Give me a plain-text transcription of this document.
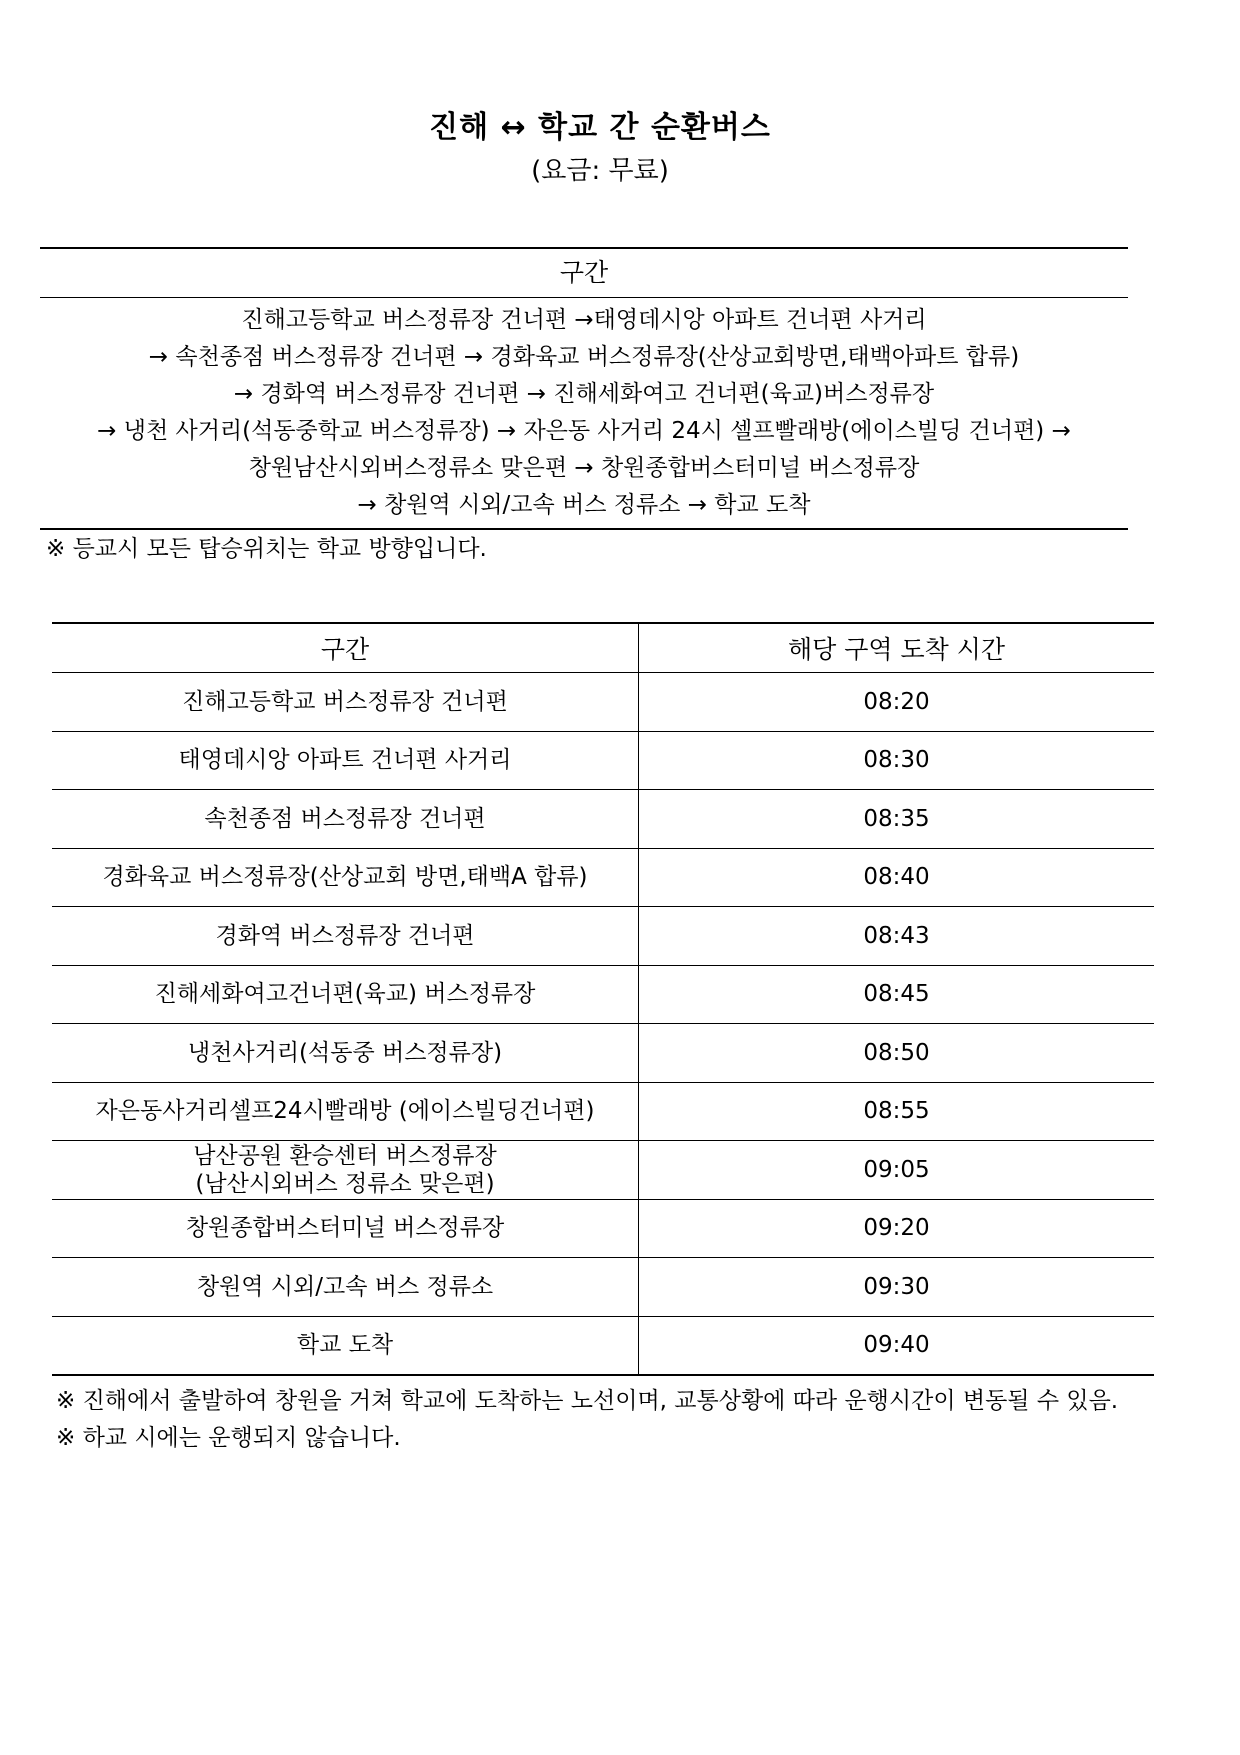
진해 ↔ 학교 간 순환버스
(요금: 무료)
구간
진해고등학교 버스정류장 건너편 →태영데시앙 아파트 건너편 사거리
→ 속천종점 버스정류장 건너편 → 경화육교 버스정류장(산상교회방면,태백아파트 합류)
→ 경화역 버스정류장 건너편 → 진해세화여고 건너편(육교)버스정류장
→ 냉천 사거리(석동중학교 버스정류장) → 자은동 사거리 24시 셀프빨래방(에이스빌딩 건너편) →
창원남산시외버스정류소 맞은편 → 창원종합버스터미널 버스정류장
→ 창원역 시외/고속 버스 정류소 → 학교 도착
※ 등교시 모든 탑승위치는 학교 방향입니다.
구간	해당 구역 도착 시간

진해고등학교 버스정류장 건너편	08:20

태영데시앙 아파트 건너편 사거리	08:30

속천종점 버스정류장 건너편	08:35

경화육교 버스정류장(산상교회 방면,태백A 합류)	08:40

경화역 버스정류장 건너편	08:43

진해세화여고건너편(육교) 버스정류장	08:45

냉천사거리(석동중 버스정류장)	08:50

자은동사거리셀프24시빨래방 (에이스빌딩건너편)	08:55

남산공원 환승센터 버스정류장
(남산시외버스 정류소 맞은편)	09:05

창원종합버스터미널 버스정류장	09:20

창원역 시외/고속 버스 정류소	09:30

학교 도착	09:40
※ 진해에서 출발하여 창원을 거쳐 학교에 도착하는 노선이며, 교통상황에 따라 운행시간이 변동될 수 있음.
※ 하교 시에는 운행되지 않습니다.
